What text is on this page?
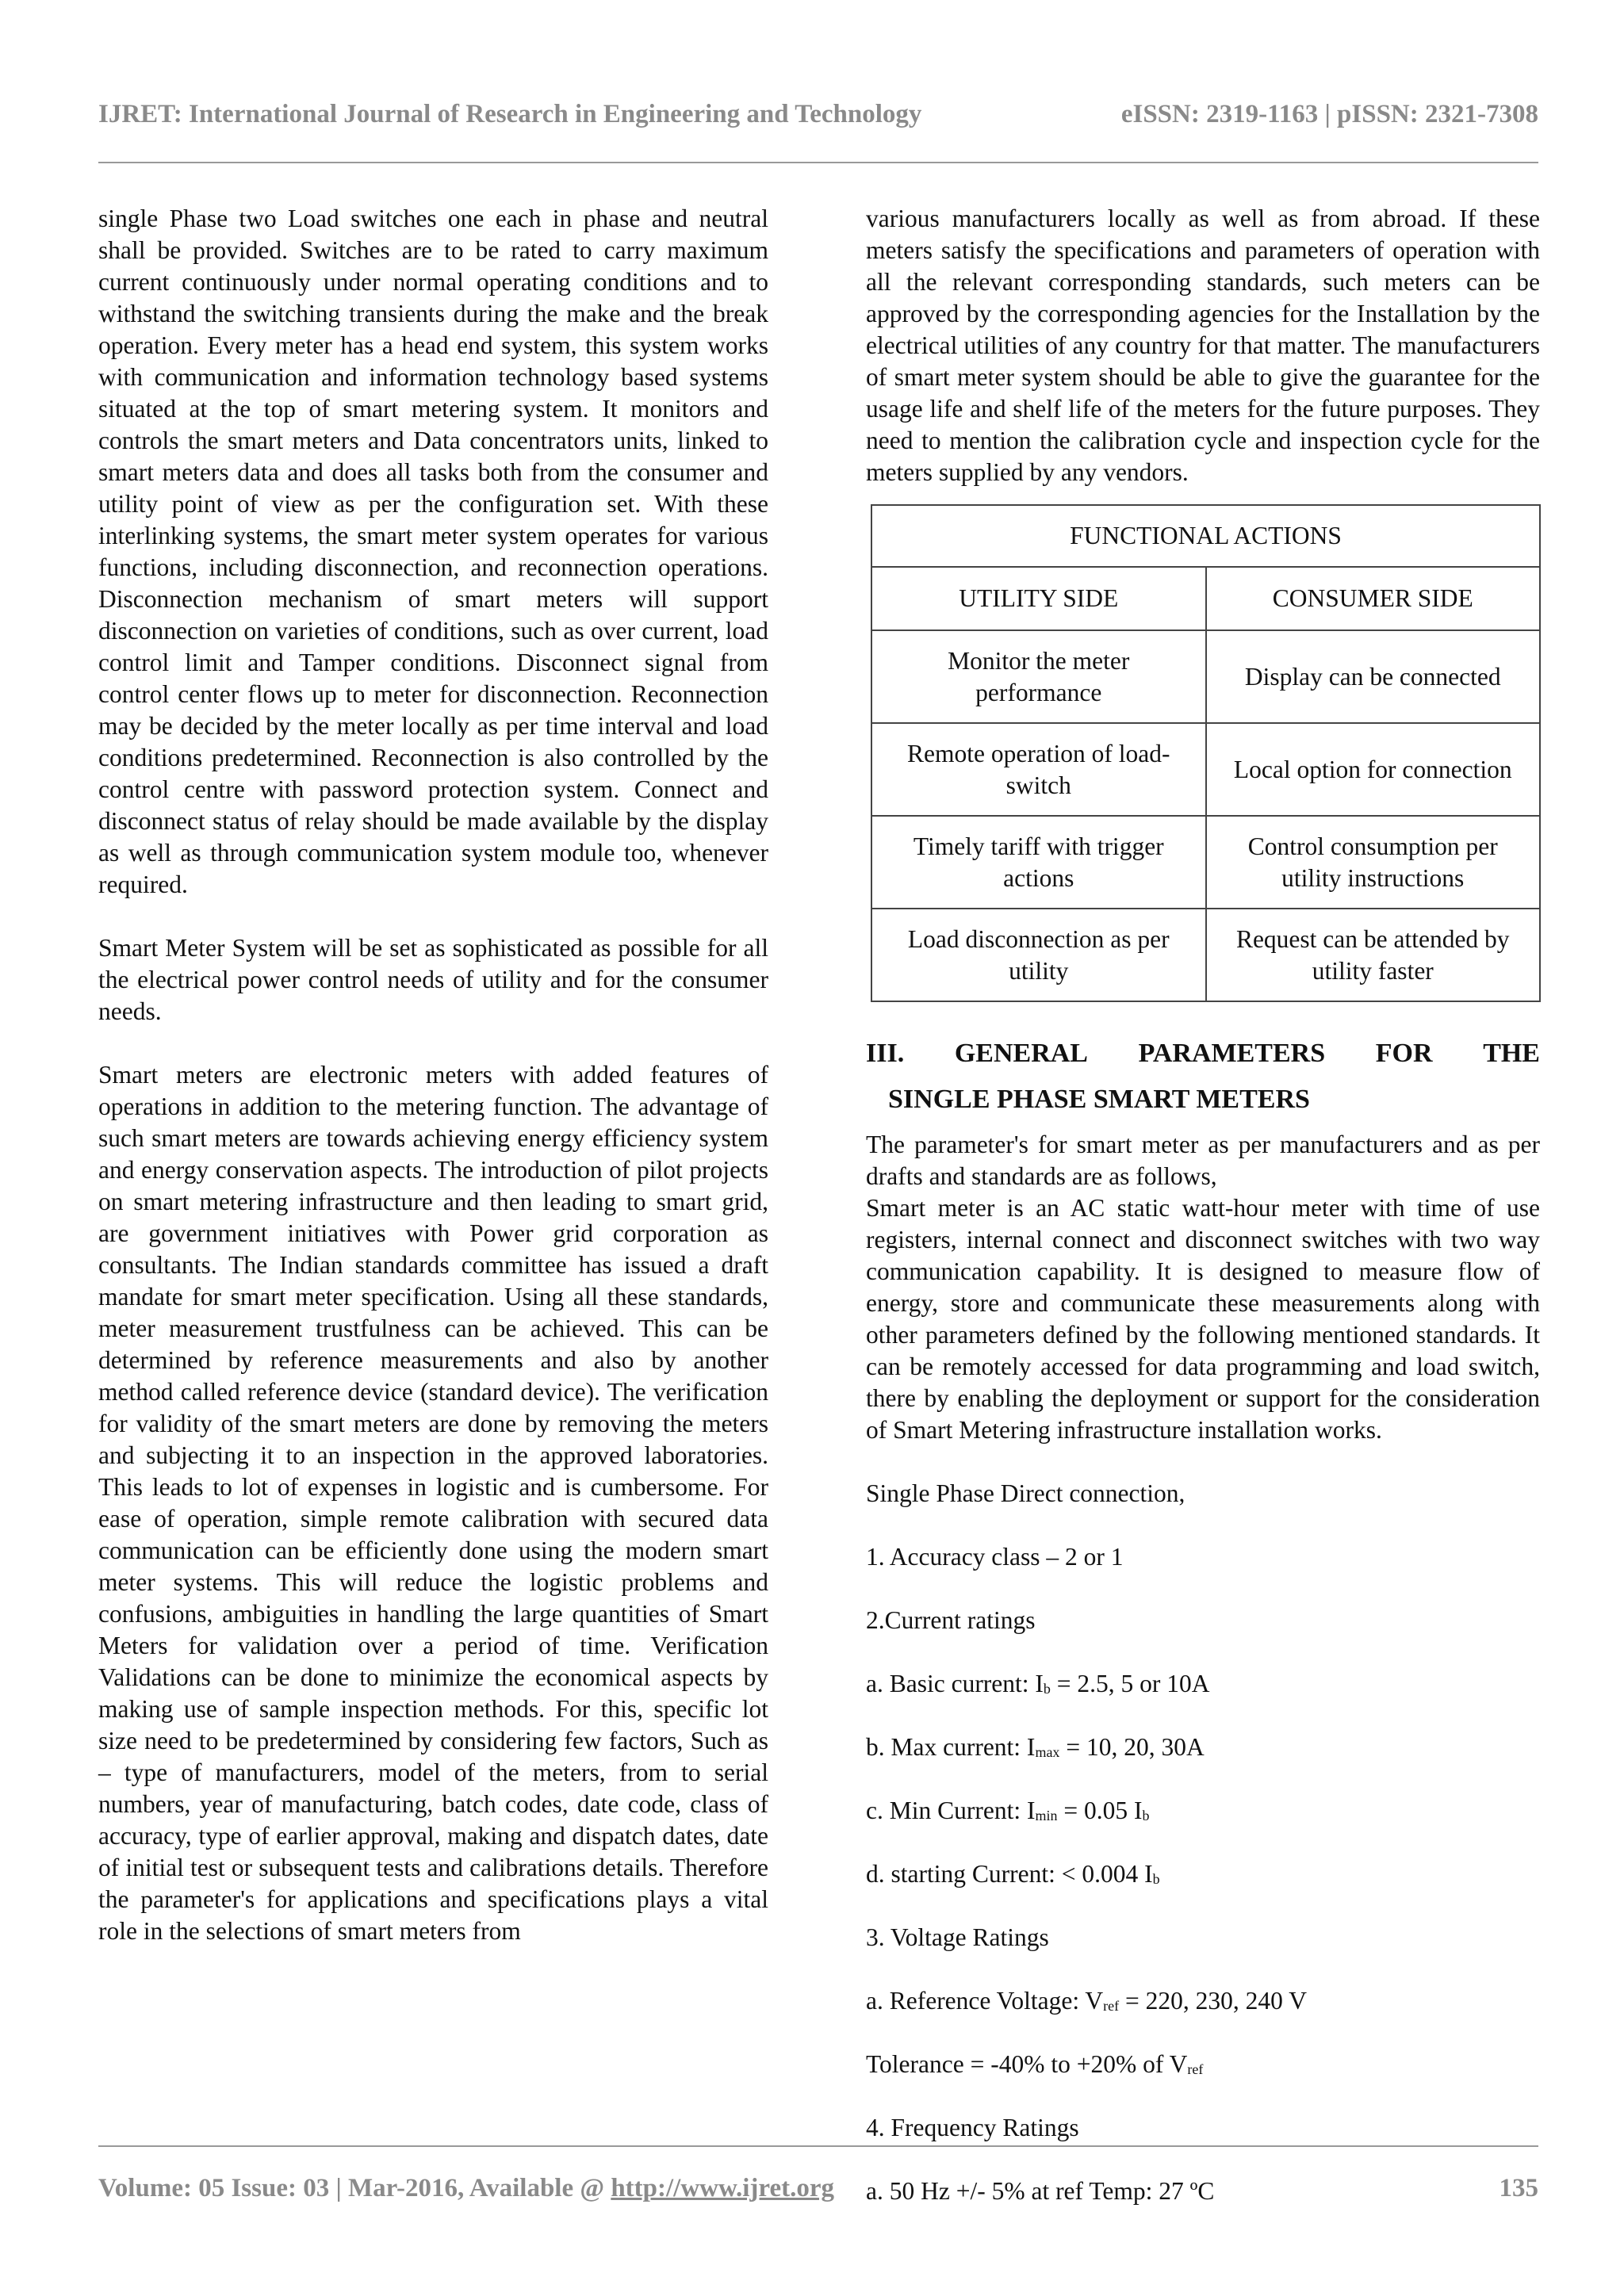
IJRET: International Journal of Research in Engineering and Technology	eISSN: 2319-1163 | pISSN: 2321-7308

single Phase two Load switches one each in phase and neutral shall be provided. Switches are to be rated to carry maximum current continuously under normal operating conditions and to withstand the switching transients during the make and the break operation. Every meter has a head end system, this system works with communication and information technology based systems situated at the top of smart metering system. It monitors and controls the smart meters and Data concentrators units, linked to smart meters data and does all tasks both from the consumer and utility point of view as per the configuration set. With these interlinking systems, the smart meter system operates for various functions, including disconnection, and reconnection operations. Disconnection mechanism of smart meters will support disconnection on varieties of conditions, such as over current, load control limit and Tamper conditions. Disconnect signal from control center flows up to meter for disconnection. Reconnection may be decided by the meter locally as per time interval and load conditions predetermined. Reconnection is also controlled by the control centre with password protection system. Connect and disconnect status of relay should be made available by the display as well as through communication system module too, whenever required.

Smart Meter System will be set as sophisticated as possible for all the electrical power control needs of utility and for the consumer needs.

Smart meters are electronic meters with added features of operations in addition to the metering function. The advantage of such smart meters are towards achieving energy efficiency system and energy conservation aspects. The introduction of pilot projects on smart metering infrastructure and then leading to smart grid, are government initiatives with Power grid corporation as consultants. The Indian standards committee has issued a draft mandate for smart meter specification. Using all these standards, meter measurement trustfulness can be achieved. This can be determined by reference measurements and also by another method called reference device (standard device). The verification for validity of the smart meters are done by removing the meters and subjecting it to an inspection in the approved laboratories. This leads to lot of expenses in logistic and is cumbersome. For ease of operation, simple remote calibration with secured data communication can be efficiently done using the modern smart meter systems. This will reduce the logistic problems and confusions, ambiguities in handling the large quantities of Smart Meters for validation over a period of time. Verification Validations can be done to minimize the economical aspects by making use of sample inspection methods. For this, specific lot size need to be predetermined by considering few factors, Such as – type of manufacturers, model of the meters, from to serial numbers, year of manufacturing, batch codes, date code, class of accuracy, type of earlier approval, making and dispatch dates, date of initial test or subsequent tests and calibrations details. Therefore the parameter's for applications and specifications plays a vital role in the selections of smart meters from

various manufacturers locally as well as from abroad. If these meters satisfy the specifications and parameters of operation with all the relevant corresponding standards, such meters can be approved by the corresponding agencies for the Installation by the electrical utilities of any country for that matter. The manufacturers of smart meter system should be able to give the guarantee for the usage life and shelf life of the meters for the future purposes. They need to mention the calibration cycle and inspection cycle for the meters supplied by any vendors.

FUNCTIONAL ACTIONS	
UTILITY SIDE	CONSUMER SIDE
Monitor the meter performance	Display can be connected
Remote operation of load-switch	Local option for connection
Timely tariff with trigger actions	Control consumption per utility instructions
Load disconnection as per utility	Request can be attended by utility faster
III. GENERAL PARAMETERS FOR THE
SINGLE PHASE SMART METERS

The parameter's for smart meter as per manufacturers and as per drafts and standards are as follows,

Smart meter is an AC static watt-hour meter with time of use registers, internal connect and disconnect switches with two way communication capability. It is designed to measure flow of energy, store and communicate these measurements along with other parameters defined by the following mentioned standards. It can be remotely accessed for data programming and load switch, there by enabling the deployment or support for the consideration of Smart Metering infrastructure installation works.

Single Phase Direct connection,

1. Accuracy class – 2 or 1

2.Current ratings

a. Basic current: $I_b = 2.5$, 5 or 10A

b. Max current: $I_{max} = 10$, 20, 30A

c. Min Current: $I_{min} = 0.05$ $I_b$

d. starting Current: < 0.004 $I_b$

3. Voltage Ratings

a. Reference Voltage: $V_{ref} = 220$, 230, 240 V

Tolerance = -40% to +20% of $V_{ref}$

4. Frequency Ratings

a. 50 Hz +/- 5% at ref Temp: 27 ºC

Volume: 05 Issue: 03 | Mar-2016, Available @ http://www.ijret.org	135
